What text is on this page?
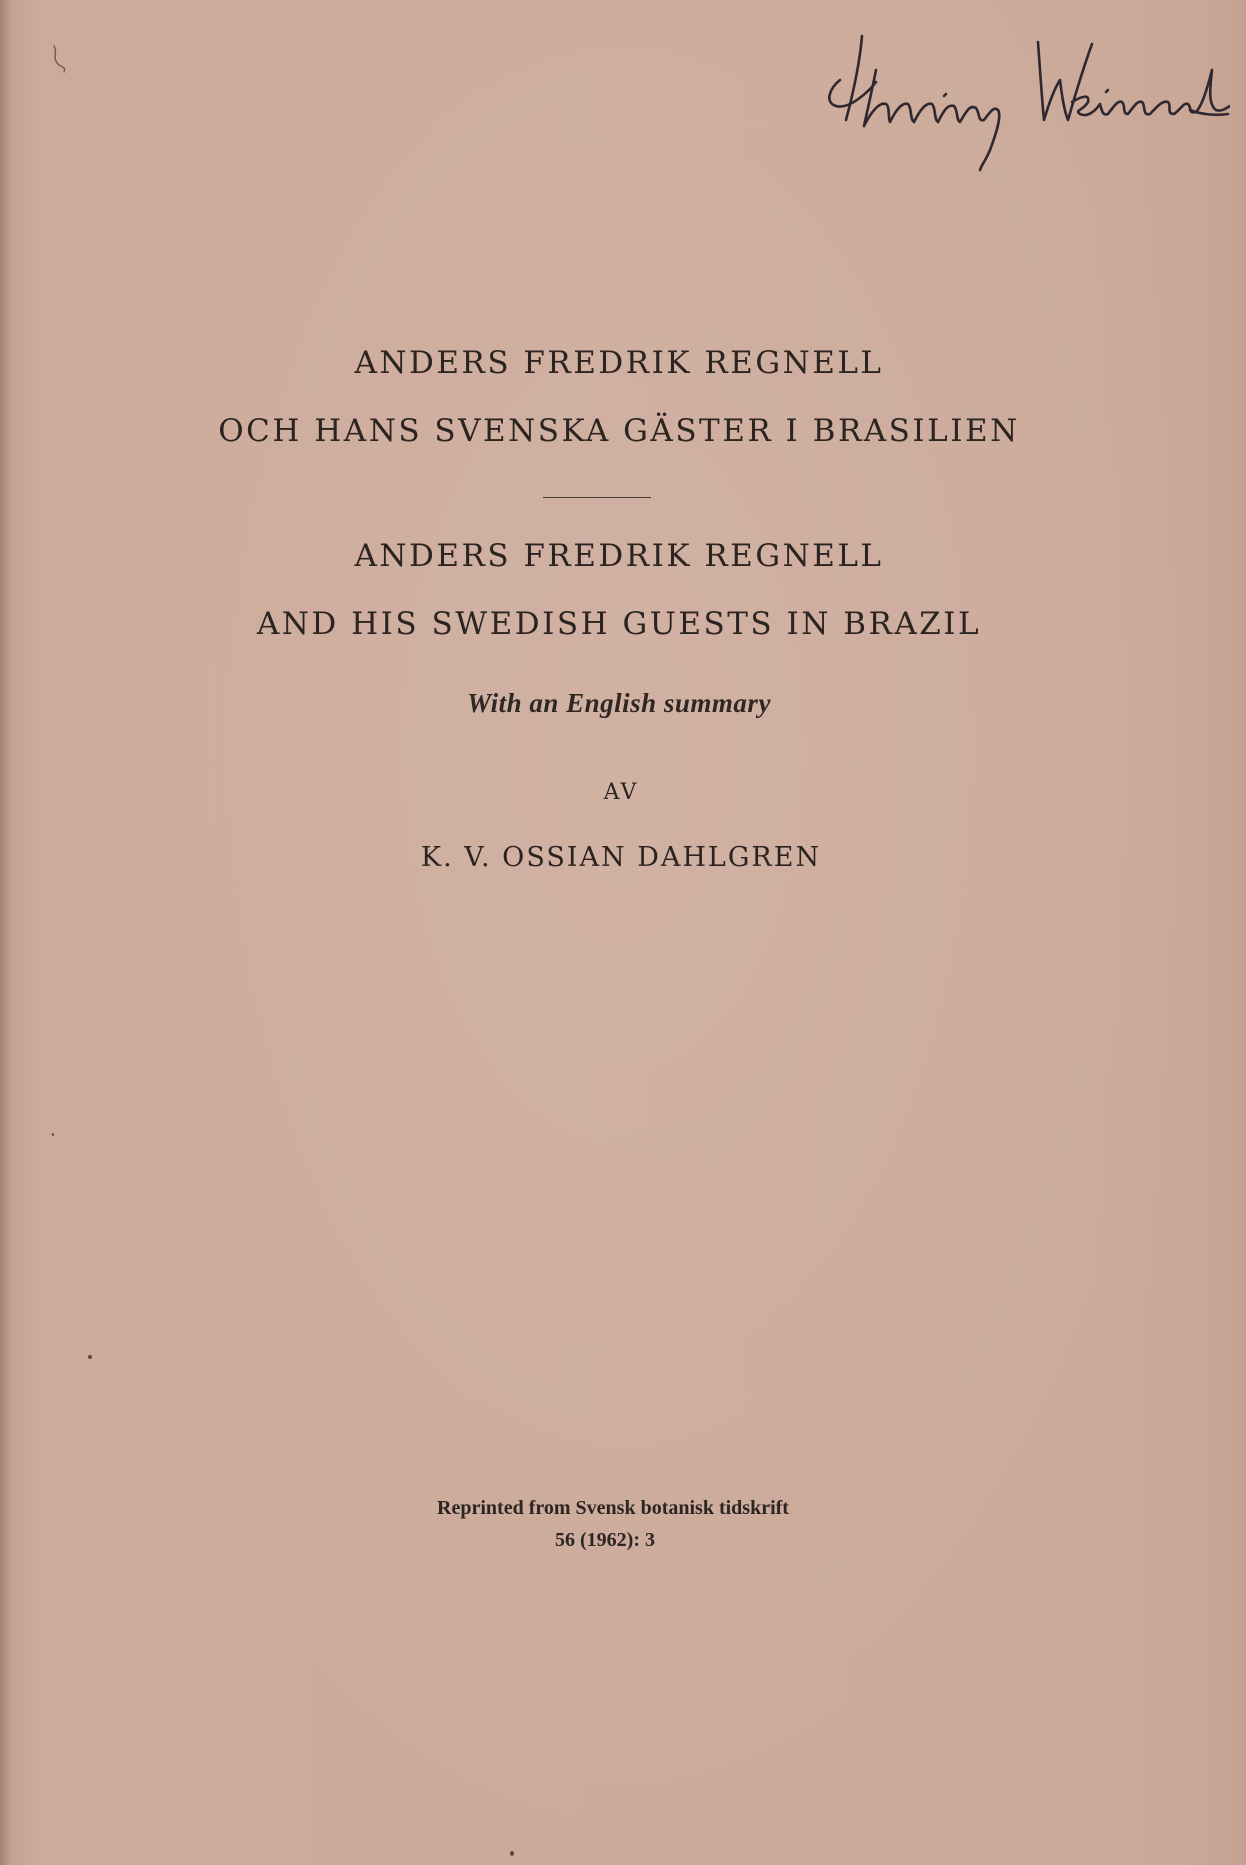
ANDERS FREDRIK REGNELL
OCH HANS SVENSKA GÄSTER I BRASILIEN
ANDERS FREDRIK REGNELL
AND HIS SWEDISH GUESTS IN BRAZIL
With an English summary
AV
K. V. OSSIAN DAHLGREN
Reprinted from Svensk botanisk tidskrift
56 (1962): 3
